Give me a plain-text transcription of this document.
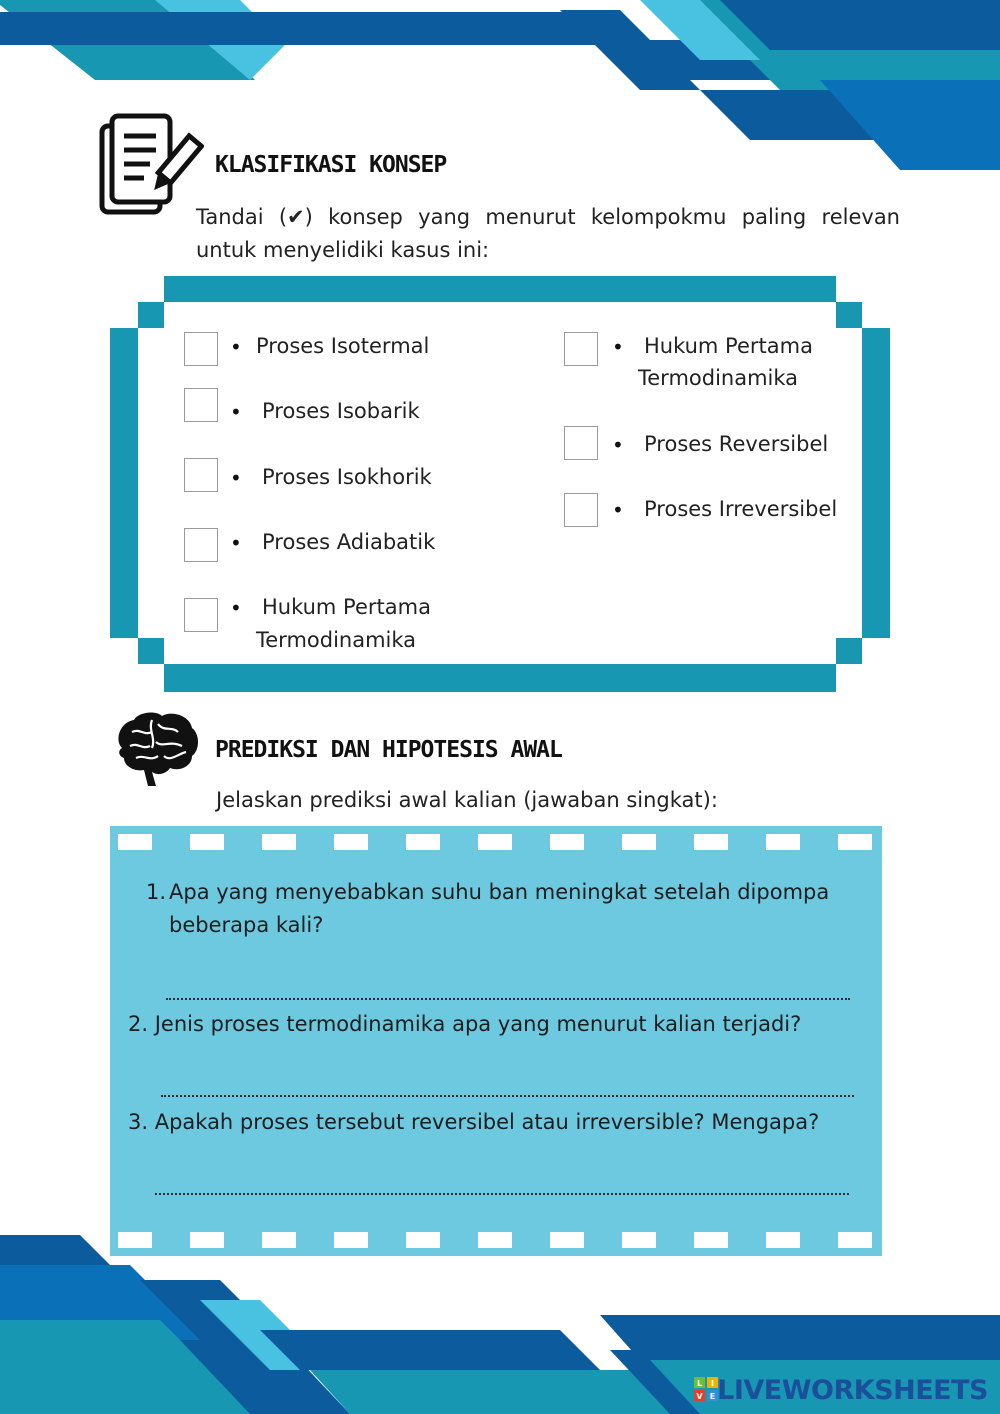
KLASIFIKASI KONSEP
Tandai (✔) konsep yang menurut kelompokmu paling relevan untuk menyelidiki kasus ini:
• Proses Isotermal
• Proses Isobarik
• Proses Isokhorik
• Proses Adiabatik
• Hukum Pertama
Termodinamika
• Hukum Pertama
Termodinamika
• Proses Reversibel
• Proses Irreversibel
PREDIKSI DAN HIPOTESIS AWAL
Jelaskan prediksi awal kalian (jawaban singkat):
1. Apa yang menyebabkan suhu ban meningkat setelah dipompa
beberapa kali?
2. Jenis proses termodinamika apa yang menurut kalian terjadi?
3. Apakah proses tersebut reversibel atau irreversible? Mengapa?
L I
V E LIVEWORKSHEETS
